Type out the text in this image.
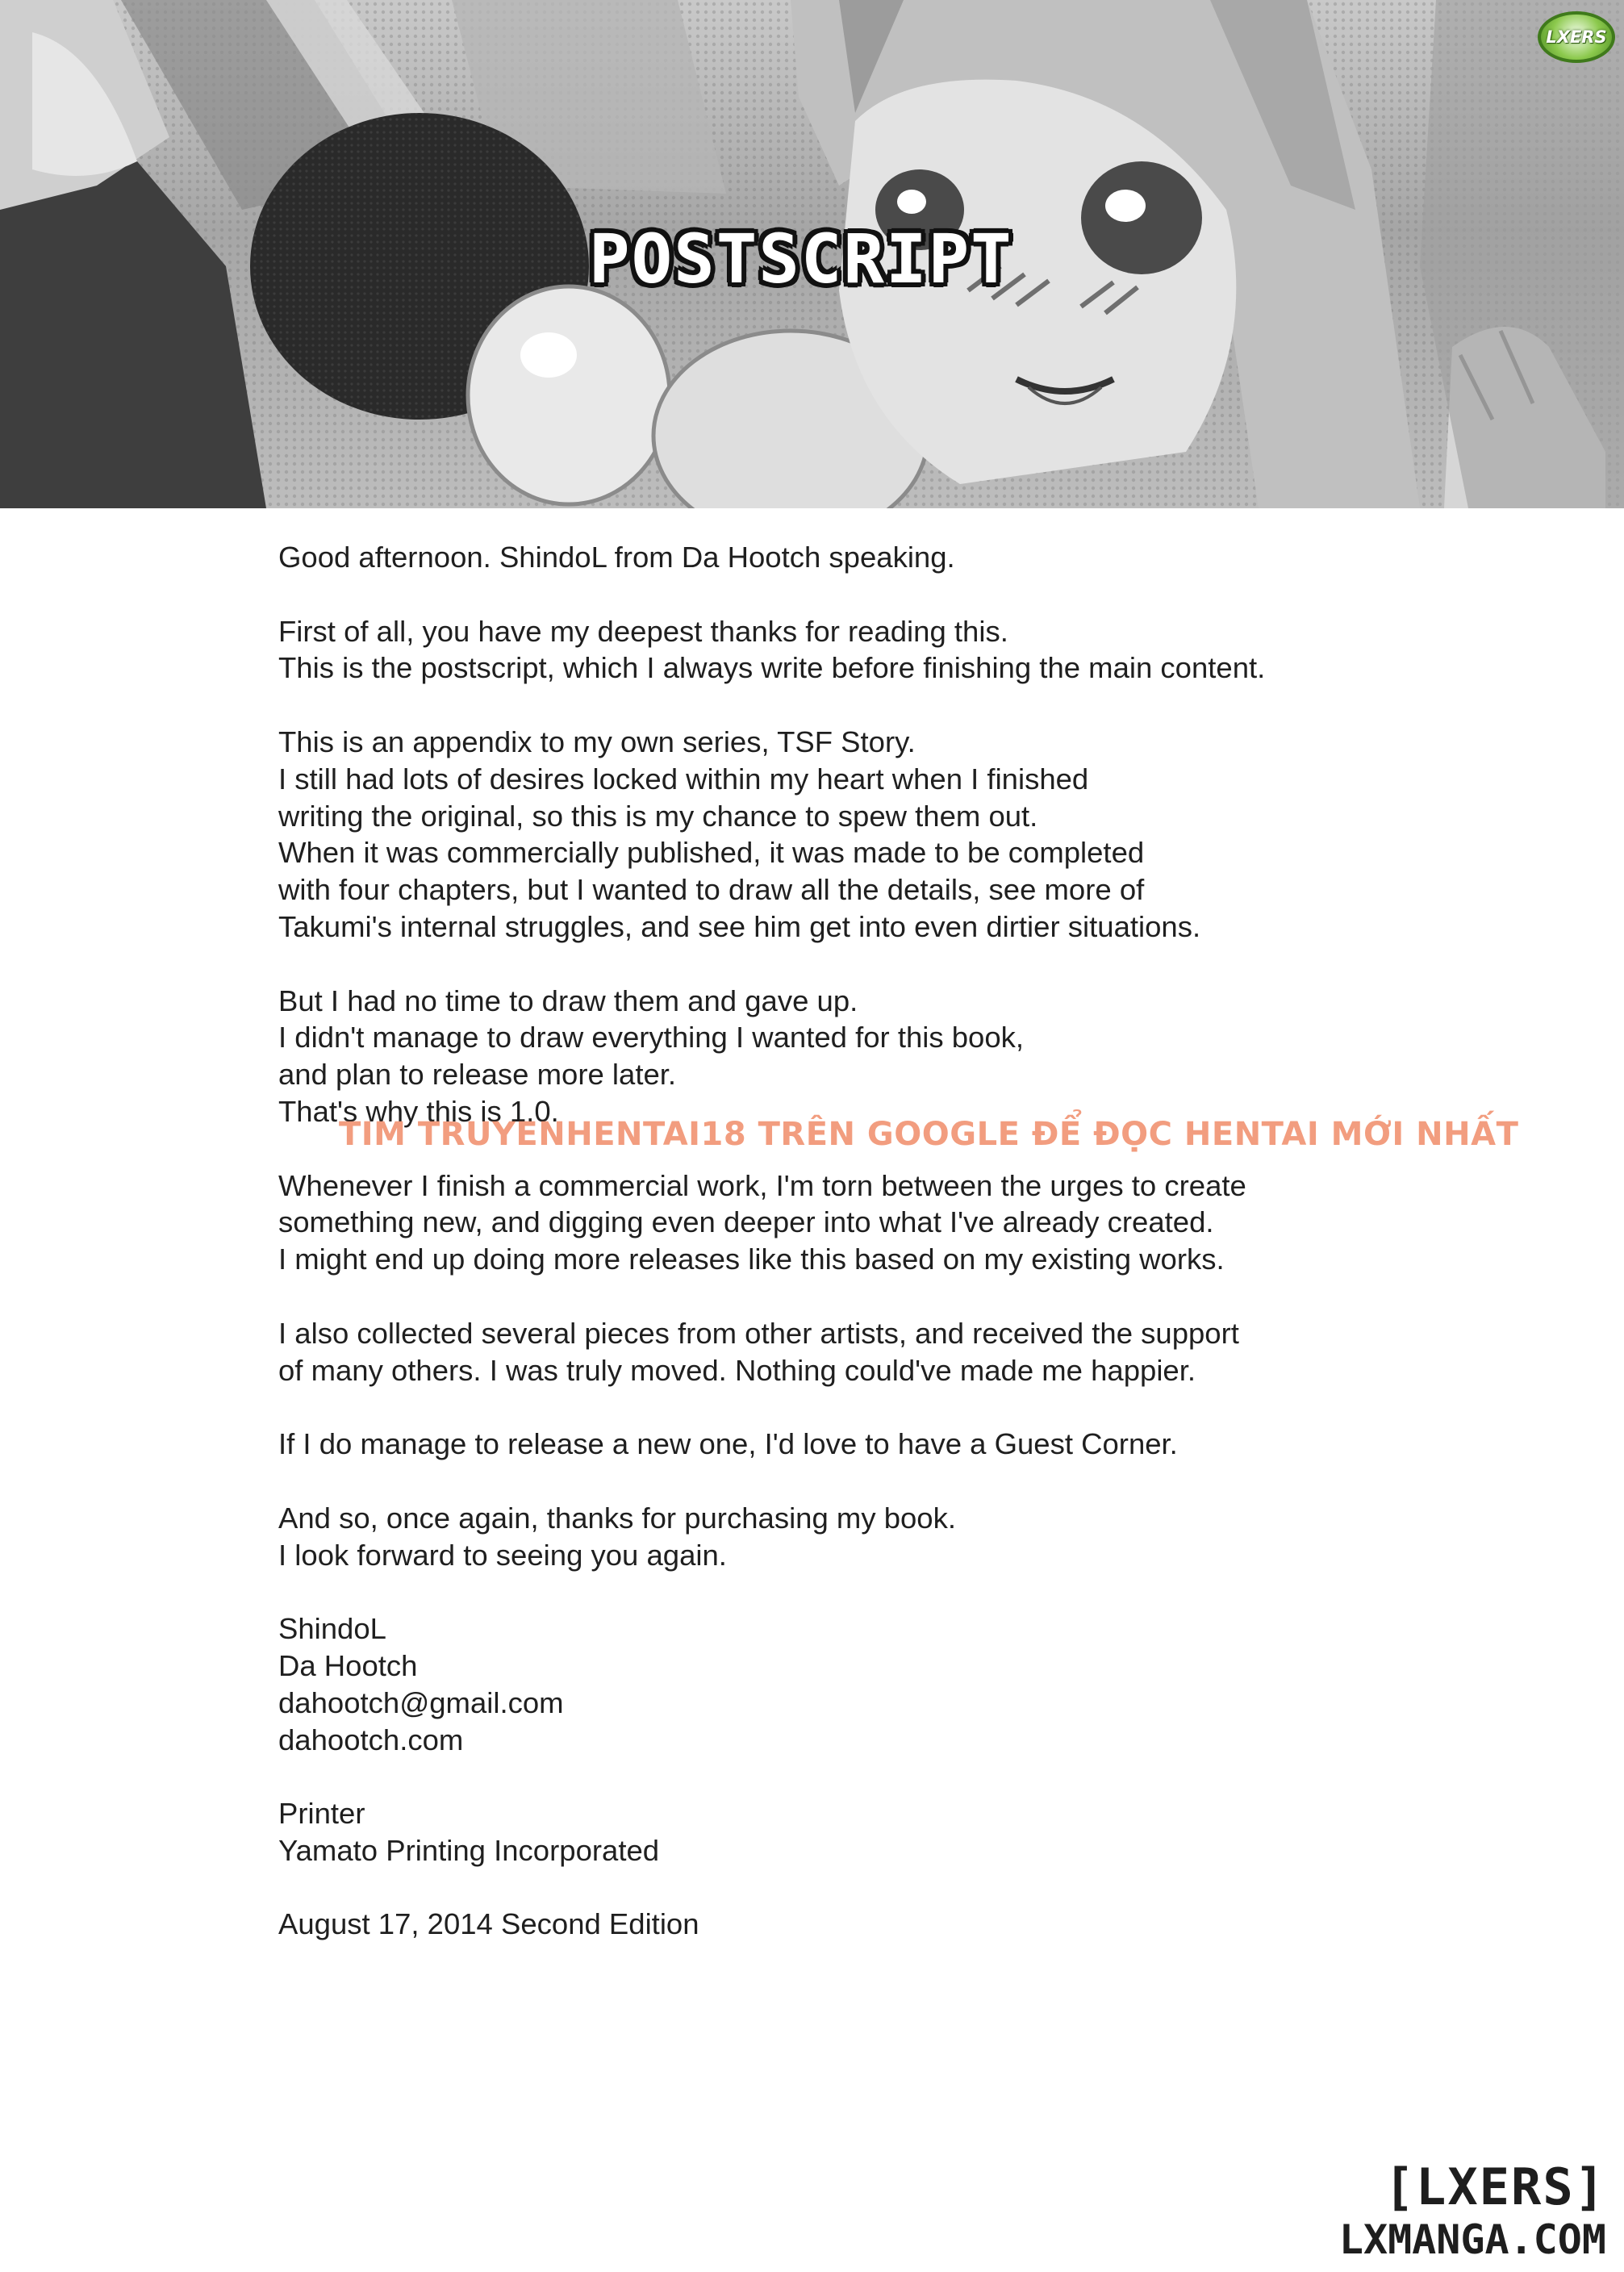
POSTSCRIPT
LXERS

Good afternoon. ShindoL from Da Hootch speaking.

First of all, you have my deepest thanks for reading this.
This is the postscript, which I always write before finishing the main content.

This is an appendix to my own series, TSF Story.
I still had lots of desires locked within my heart when I finished
writing the original, so this is my chance to spew them out.
When it was commercially published, it was made to be completed
with four chapters, but I wanted to draw all the details, see more of
Takumi's internal struggles, and see him get into even dirtier situations.

But I had no time to draw them and gave up.
I didn't manage to draw everything I wanted for this book,
and plan to release more later.
That's why this is 1.0.

Whenever I finish a commercial work, I'm torn between the urges to create
something new, and digging even deeper into what I've already created.
I might end up doing more releases like this based on my existing works.

I also collected several pieces from other artists, and received the support
of many others. I was truly moved. Nothing could've made me happier.

If I do manage to release a new one, I'd love to have a Guest Corner.

And so, once again, thanks for purchasing my book.
I look forward to seeing you again.

ShindoL
Da Hootch
dahootch@gmail.com
dahootch.com

Printer
Yamato Printing Incorporated

August 17, 2014 Second Edition

TIM TRUYENHENTAI18 TRÊN GOOGLE ĐỂ ĐỌC HENTAI MỚI NHẤT
[LXERS]
LXMANGA.COM
